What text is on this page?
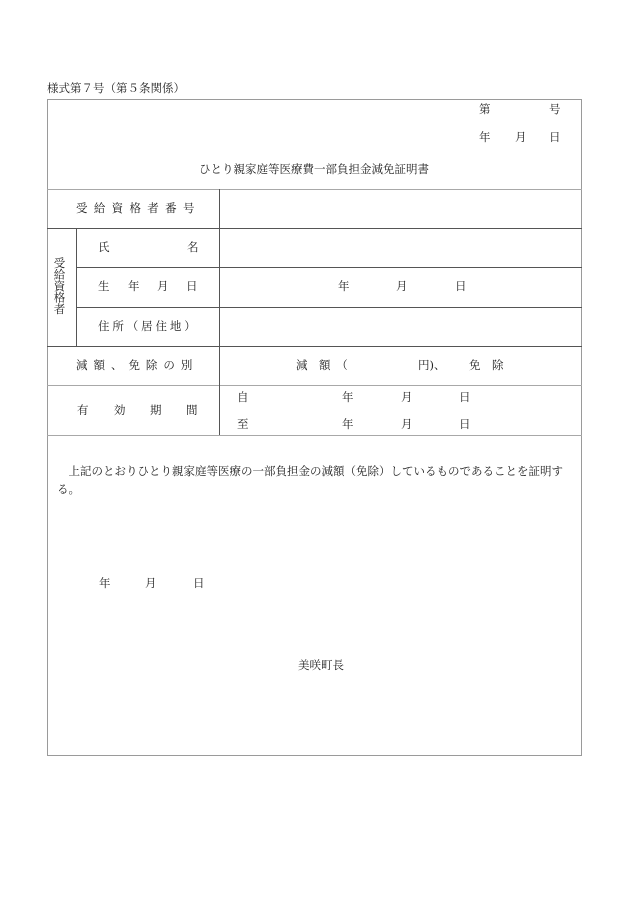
様式第７号（第５条関係）
第	号
年 月 日
ひとり親家庭等医療費一部負担金減免証明書
受給資格者番号
受給資格者
氏	名
生 年 月 日	年	月	日
住所（居住地）
減額、免除の別	減　額　（	円)、 免　除
有 効 期 間
自	年	月	日
至	年	月	日
上記のとおりひとり親家庭等医療の一部負担金の減額（免除）しているものであることを証明する。
年	月	日
美咲町長
